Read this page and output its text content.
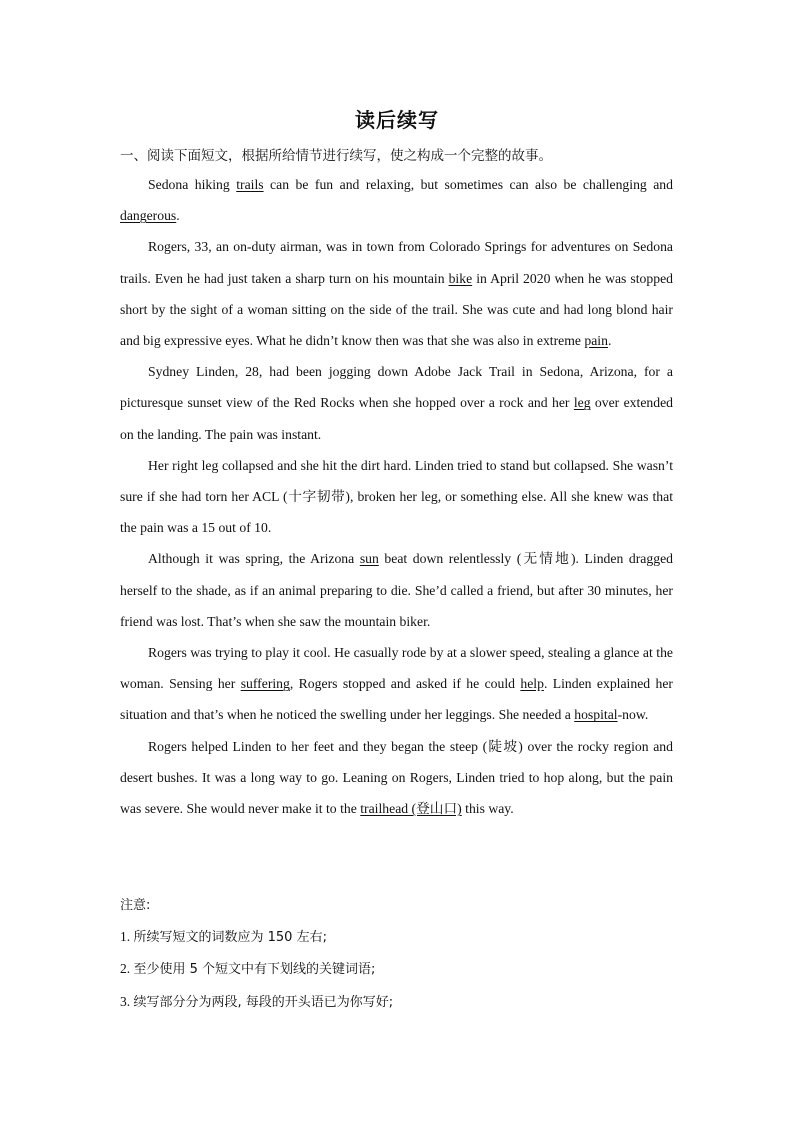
读后续写
一、阅读下面短文，根据所给情节进行续写，使之构成一个完整的故事。

Sedona hiking trails can be fun and relaxing, but sometimes can also be challenging and dangerous.

Rogers, 33, an on-duty airman, was in town from Colorado Springs for adventures on Sedona trails. Even he had just taken a sharp turn on his mountain bike in April 2020 when he was stopped short by the sight of a woman sitting on the side of the trail. She was cute and had long blond hair and big expressive eyes. What he didn’t know then was that she was also in extreme pain.

Sydney Linden, 28, had been jogging down Adobe Jack Trail in Sedona, Arizona, for a picturesque sunset view of the Red Rocks when she hopped over a rock and her leg over extended on the landing. The pain was instant.

Her right leg collapsed and she hit the dirt hard. Linden tried to stand but collapsed. She wasn’t sure if she had torn her ACL (十字韧带), broken her leg, or something else. All she knew was that the pain was a 15 out of 10.

Although it was spring, the Arizona sun beat down relentlessly (无情地). Linden dragged herself to the shade, as if an animal preparing to die. She’d called a friend, but after 30 minutes, her friend was lost. That’s when she saw the mountain biker.

Rogers was trying to play it cool. He casually rode by at a slower speed, stealing a glance at the woman. Sensing her suffering, Rogers stopped and asked if he could help. Linden explained her situation and that’s when he noticed the swelling under her leggings. She needed a hospital-now.

Rogers helped Linden to her feet and they began the steep (陡坡) over the rocky region and desert bushes. It was a long way to go. Leaning on Rogers, Linden tried to hop along, but the pain was severe. She would never make it to the trailhead (登山口) this way.

注意:
1. 所续写短文的词数应为 150 左右;
2. 至少使用 5 个短文中有下划线的关键词语;
3. 续写部分分为两段, 每段的开头语已为你写好;
